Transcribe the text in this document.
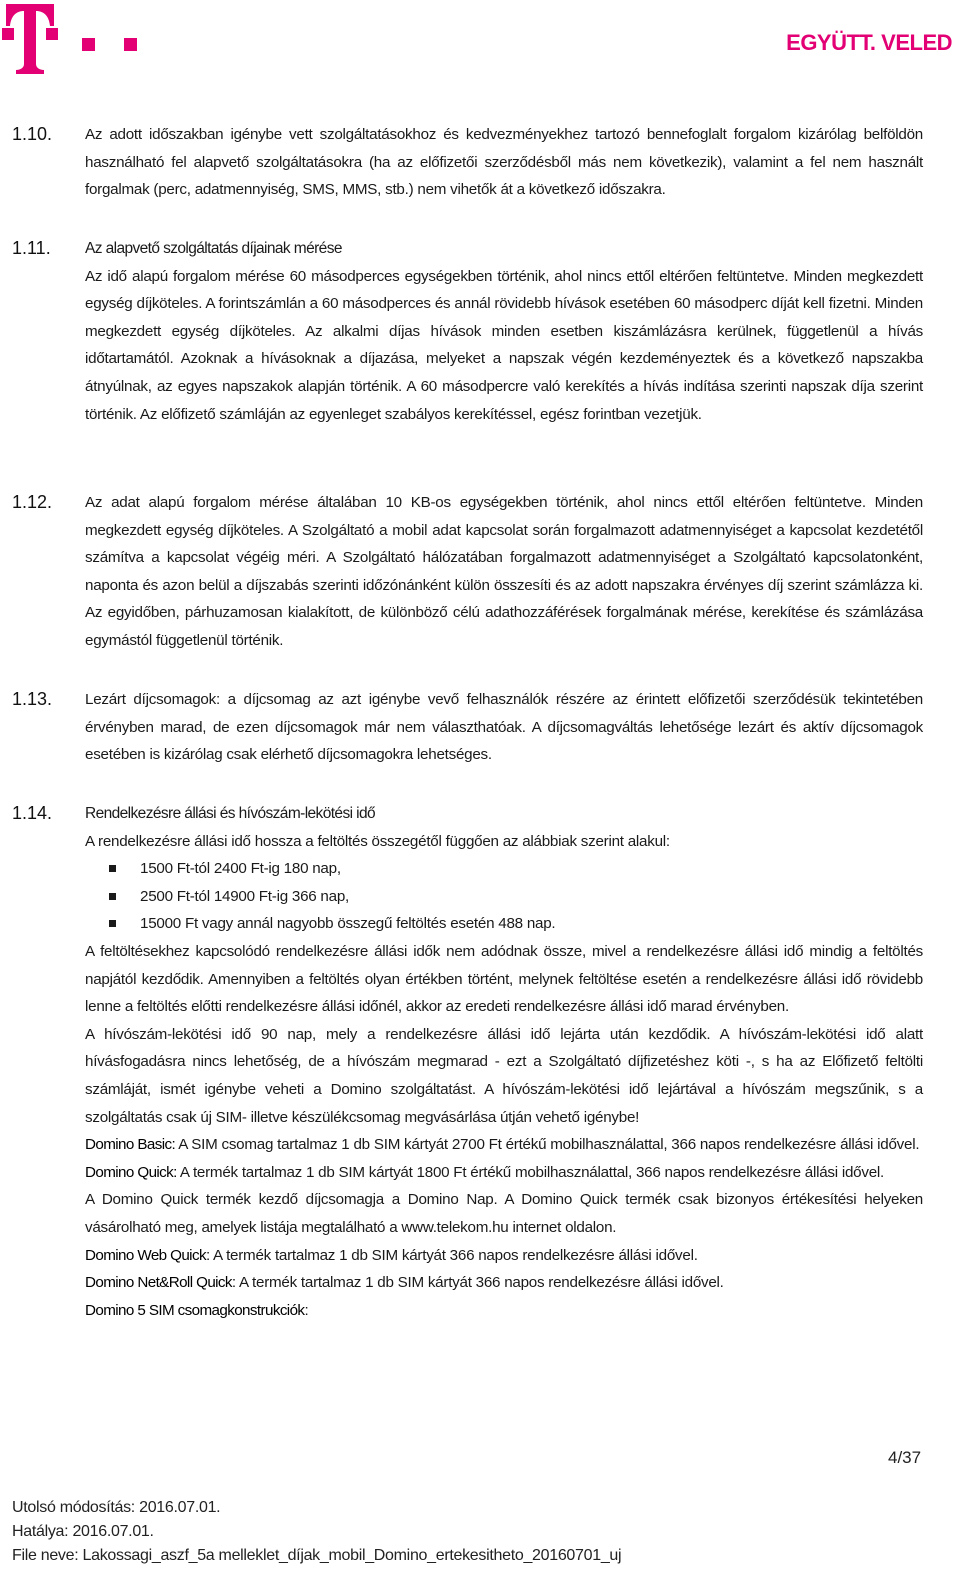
EGYÜTT. VELED
1.10. Az adott időszakban igénybe vett szolgáltatásokhoz és kedvezményekhez tartozó bennefoglalt forgalom kizárólag belföldön használható fel alapvető szolgáltatásokra (ha az előfizetői szerződésből más nem következik), valamint a fel nem használt forgalmak (perc, adatmennyiség, SMS, MMS, stb.) nem vihetők át a következő időszakra.

1.11. Az alapvető szolgáltatás díjainak mérése

Az idő alapú forgalom mérése 60 másodperces egységekben történik, ahol nincs ettől eltérően feltüntetve. Minden megkezdett egység díjköteles. A forintszámlán a 60 másodperces és annál rövidebb hívások esetében 60 másodperc díját kell fizetni. Minden megkezdett egység díjköteles. Az alkalmi díjas hívások minden esetben kiszámlázásra kerülnek, függetlenül a hívás időtartamától. Azoknak a hívásoknak a díjazása, melyeket a napszak végén kezdeményeztek és a következő napszakba átnyúlnak, az egyes napszakok alapján történik. A 60 másodpercre való kerekítés a hívás indítása szerinti napszak díja szerint történik. Az előfizető számláján az egyenleget szabályos kerekítéssel, egész forintban vezetjük.

1.12. Az adat alapú forgalom mérése általában 10 KB-os egységekben történik, ahol nincs ettől eltérően feltüntetve. Minden megkezdett egység díjköteles. A Szolgáltató a mobil adat kapcsolat során forgalmazott adatmennyiséget a kapcsolat kezdetétől számítva a kapcsolat végéig méri. A Szolgáltató hálózatában forgalmazott adatmennyiséget a Szolgáltató kapcsolatonként, naponta és azon belül a díjszabás szerinti időzónánként külön összesíti és az adott napszakra érvényes díj szerint számlázza ki. Az egyidőben, párhuzamosan kialakított, de különböző célú adathozzáférések forgalmának mérése, kerekítése és számlázása egymástól függetlenül történik.

1.13. Lezárt díjcsomagok: a díjcsomag az azt igénybe vevő felhasználók részére az érintett előfizetői szerződésük tekintetében érvényben marad, de ezen díjcsomagok már nem választhatóak. A díjcsomagváltás lehetősége lezárt és aktív díjcsomagok esetében is kizárólag csak elérhető díjcsomagokra lehetséges.

1.14. Rendelkezésre állási és hívószám-lekötési idő

A rendelkezésre állási idő hossza a feltöltés összegétől függően az alábbiak szerint alakul:

1500 Ft-tól 2400 Ft-ig 180 nap,
2500 Ft-tól 14900 Ft-ig 366 nap,
15000 Ft vagy annál nagyobb összegű feltöltés esetén 488 nap.

A feltöltésekhez kapcsolódó rendelkezésre állási idők nem adódnak össze, mivel a rendelkezésre állási idő mindig a feltöltés napjától kezdődik. Amennyiben a feltöltés olyan értékben történt, melynek feltöltése esetén a rendelkezésre állási idő rövidebb lenne a feltöltés előtti rendelkezésre állási időnél, akkor az eredeti rendelkezésre állási idő marad érvényben.

A hívószám-lekötési idő 90 nap, mely a rendelkezésre állási idő lejárta után kezdődik. A hívószám-lekötési idő alatt hívásfogadásra nincs lehetőség, de a hívószám megmarad - ezt a Szolgáltató díjfizetéshez köti -, s ha az Előfizető feltölti számláját, ismét igénybe veheti a Domino szolgáltatást. A hívószám-lekötési idő lejártával a hívószám megszűnik, s a szolgáltatás csak új SIM- illetve készülékcsomag megvásárlása útján vehető igénybe!

Domino Basic: A SIM csomag tartalmaz 1 db SIM kártyát 2700 Ft értékű mobilhasználattal, 366 napos rendelkezésre állási idővel.

Domino Quick: A termék tartalmaz 1 db SIM kártyát 1800 Ft értékű mobilhasználattal, 366 napos rendelkezésre állási idővel.

A Domino Quick termék kezdő díjcsomagja a Domino Nap. A Domino Quick termék csak bizonyos értékesítési helyeken vásárolható meg, amelyek listája megtalálható a www.telekom.hu internet oldalon.

Domino Web Quick: A termék tartalmaz 1 db SIM kártyát 366 napos rendelkezésre állási idővel.

Domino Net&Roll Quick: A termék tartalmaz 1 db SIM kártyát 366 napos rendelkezésre állási idővel.

Domino 5 SIM csomagkonstrukciók:

4/37
Utolsó módosítás: 2016.07.01.
Hatálya: 2016.07.01.
File neve: Lakossagi_aszf_5a melleklet_díjak_mobil_Domino_ertekesitheto_20160701_uj
